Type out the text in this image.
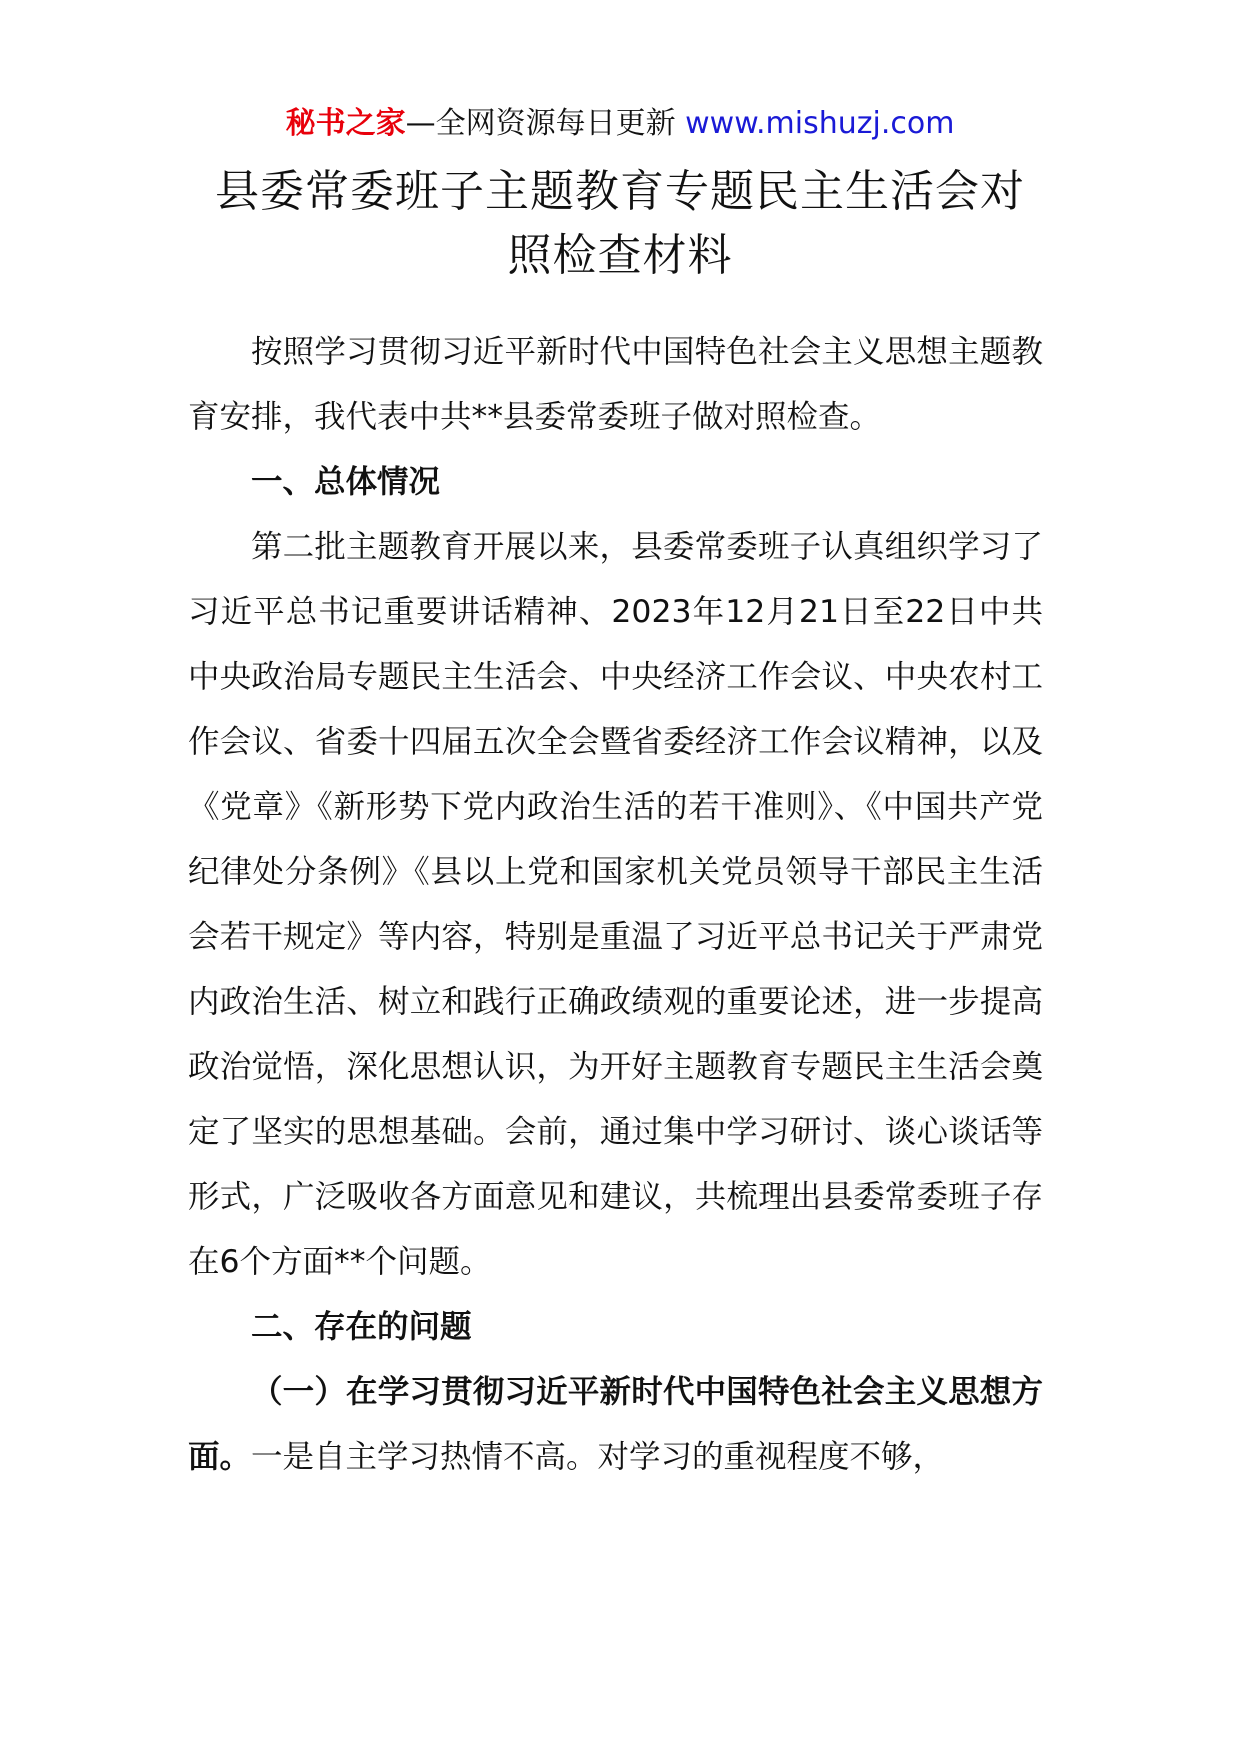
秘书之家—全网资源每日更新 www.mishuzj.com
县委常委班子主题教育专题民主生活会对
照检查材料

按照学习贯彻习近平新时代中国特色社会主义思想主题教育安排，我代表中共**县委常委班子做对照检查。

一、总体情况

第二批主题教育开展以来，县委常委班子认真组织学习了习近平总书记重要讲话精神、2023年12月21日至22日中共中央政治局专题民主生活会、中央经济工作会议、中央农村工作会议、省委十四届五次全会暨省委经济工作会议精神，以及《党章》《新形势下党内政治生活的若干准则》、《中国共产党纪律处分条例》《县以上党和国家机关党员领导干部民主生活会若干规定》等内容，特别是重温了习近平总书记关于严肃党内政治生活、树立和践行正确政绩观的重要论述，进一步提高政治觉悟，深化思想认识，为开好主题教育专题民主生活会奠定了坚实的思想基础。会前，通过集中学习研讨、谈心谈话等形式，广泛吸收各方面意见和建议，共梳理出县委常委班子存在6个方面**个问题。

二、存在的问题

（一）在学习贯彻习近平新时代中国特色社会主义思想方面。一是自主学习热情不高。对学习的重视程度不够，
